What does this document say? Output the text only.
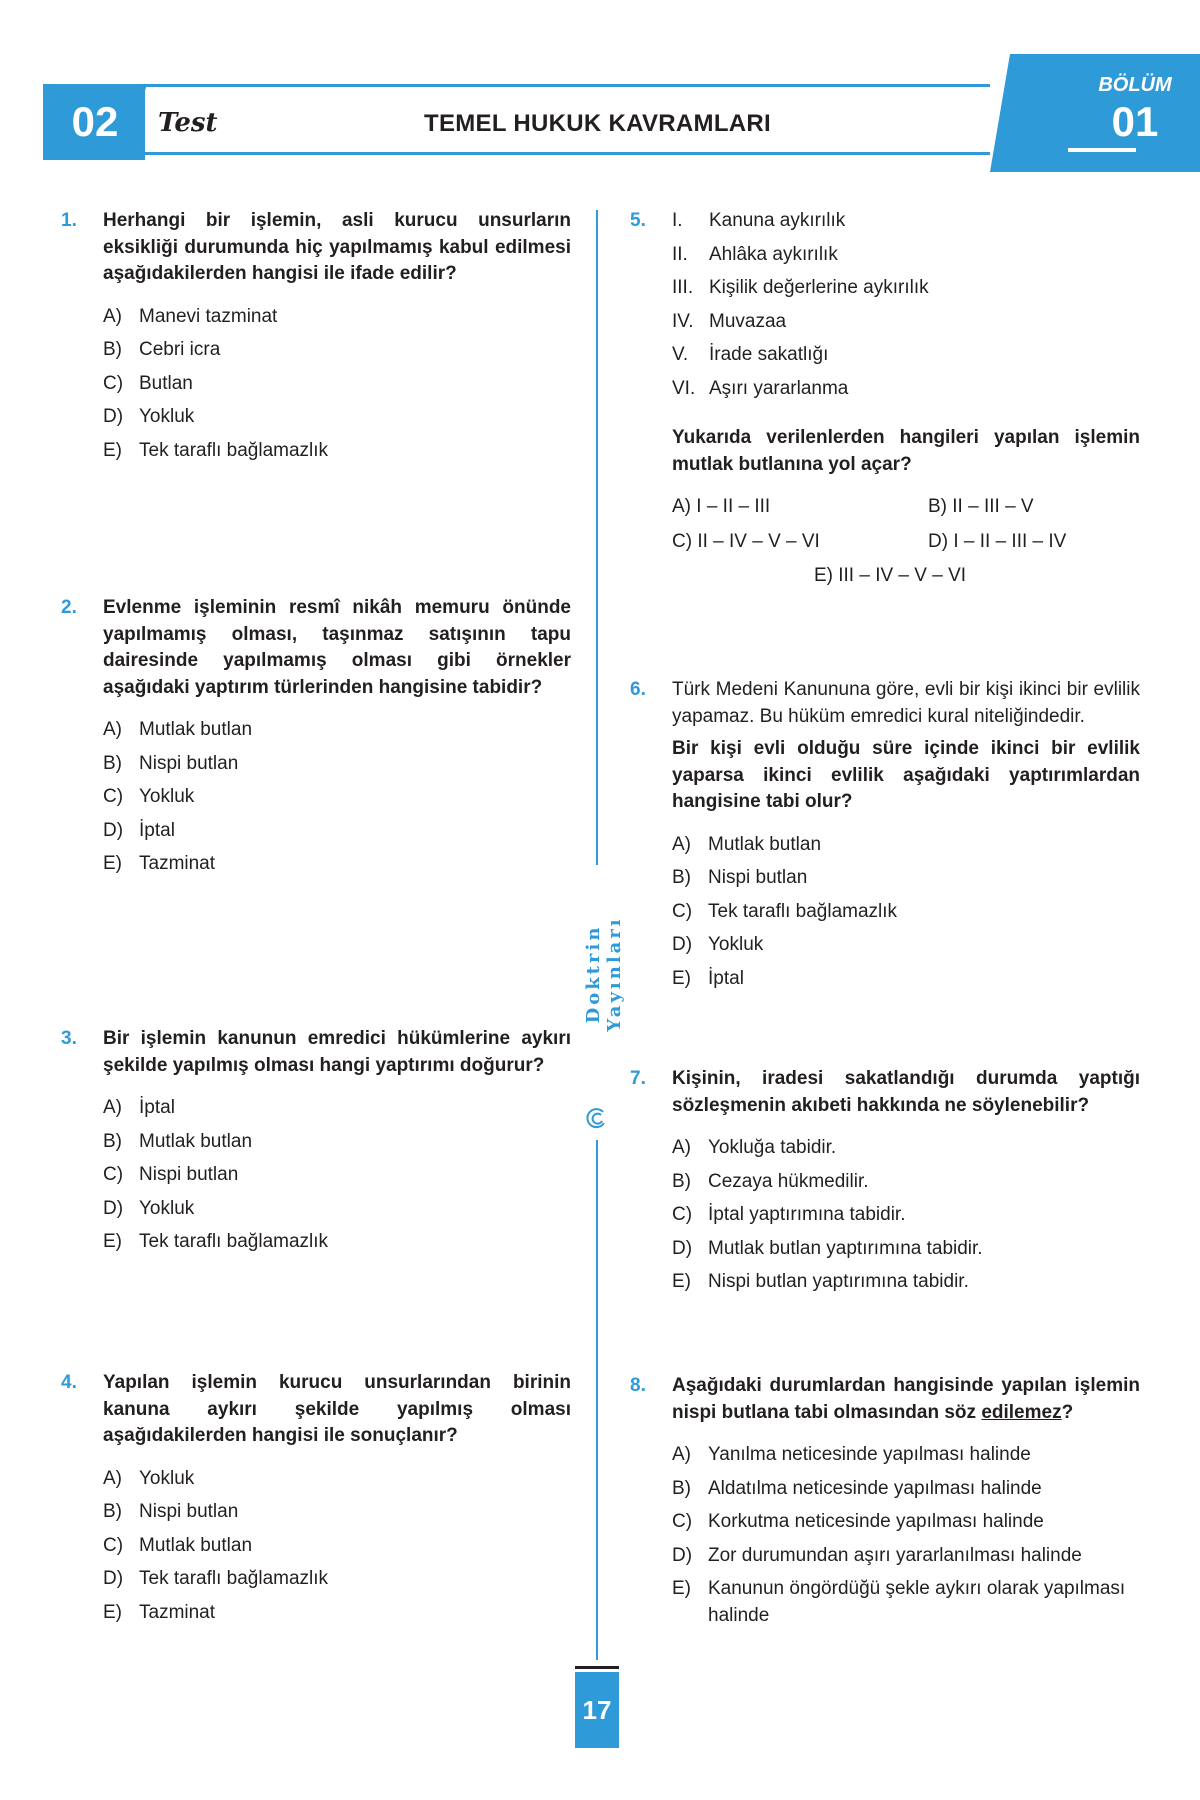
02	Test	TEMEL HUKUK KAVRAMLARI
BÖLÜM
01
Doktrin Yayınları
1. Herhangi bir işlemin, asli kurucu unsurların eksikliği durumunda hiç yapılmamış kabul edilmesi aşağıdakilerden hangisi ile ifade edilir?
A) Manevi tazminat
B) Cebri icra
C) Butlan
D) Yokluk
E) Tek taraflı bağlamazlık
2. Evlenme işleminin resmî nikâh memuru önünde yapılmamış olması, taşınmaz satışının tapu dairesinde yapılmamış olması gibi örnekler aşağıdaki yaptırım türlerinden hangisine tabidir?
A) Mutlak butlan
B) Nispi butlan
C) Yokluk
D) İptal
E) Tazminat
3. Bir işlemin kanunun emredici hükümlerine aykırı şekilde yapılmış olması hangi yaptırımı doğurur?
A) İptal
B) Mutlak butlan
C) Nispi butlan
D) Yokluk
E) Tek taraflı bağlamazlık
4. Yapılan işlemin kurucu unsurlarından birinin kanuna aykırı şekilde yapılmış olması aşağıdakilerden hangisi ile sonuçlanır?
A) Yokluk
B) Nispi butlan
C) Mutlak butlan
D) Tek taraflı bağlamazlık
E) Tazminat
5. I.	Kanuna aykırılık
II.	Ahlâka aykırılık
III. Kişilik değerlerine aykırılık
IV. Muvazaa
V.	İrade sakatlığı
VI. Aşırı yararlanma
Yukarıda verilenlerden hangileri yapılan işlemin mutlak butlanına yol açar?
A) I – II – III	B) II – III – V
C) II – IV – V – VI	D) I – II – III – IV
E) III – IV – V – VI
6. Türk Medeni Kanununa göre, evli bir kişi ikinci bir evlilik yapamaz. Bu hüküm emredici kural niteliğindedir.
Bir kişi evli olduğu süre içinde ikinci bir evlilik yaparsa ikinci evlilik aşağıdaki yaptırımlardan hangisine tabi olur?
A) Mutlak butlan
B) Nispi butlan
C) Tek taraflı bağlamazlık
D) Yokluk
E) İptal
7. Kişinin, iradesi sakatlandığı durumda yaptığı sözleşmenin akıbeti hakkında ne söylenebilir?
A) Yokluğa tabidir.
B) Cezaya hükmedilir.
C) İptal yaptırımına tabidir.
D) Mutlak butlan yaptırımına tabidir.
E) Nispi butlan yaptırımına tabidir.
8. Aşağıdaki durumlardan hangisinde yapılan işlemin nispi butlana tabi olmasından söz edilemez?
A) Yanılma neticesinde yapılması halinde
B) Aldatılma neticesinde yapılması halinde
C) Korkutma neticesinde yapılması halinde
D) Zor durumundan aşırı yararlanılması halinde
E) Kanunun öngördüğü şekle aykırı olarak yapılması halinde
17
